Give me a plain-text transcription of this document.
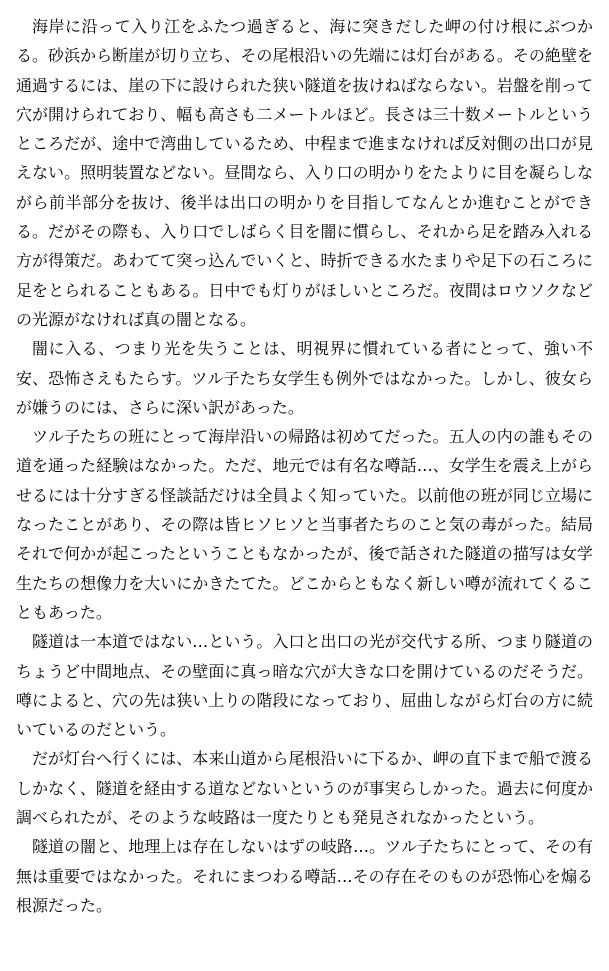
海岸に沿って入り江をふたつ過ぎると、海に突きだした岬の付け根にぶつかる。砂浜から断崖が切り立ち、その尾根沿いの先端には灯台がある。その絶壁を通過するには、崖の下に設けられた狭い隧道を抜けねばならない。岩盤を削って穴が開けられており、幅も高さも二メートルほど。長さは三十数メートルというところだが、途中で湾曲しているため、中程まで進まなければ反対側の出口が見えない。照明装置などない。昼間なら、入り口の明かりをたよりに目を凝らしながら前半部分を抜け、後半は出口の明かりを目指してなんとか進むことができる。だがその際も、入り口でしばらく目を闇に慣らし、それから足を踏み入れる方が得策だ。あわてて突っ込んでいくと、時折できる水たまりや足下の石ころに足をとられることもある。日中でも灯りがほしいところだ。夜間はロウソクなどの光源がなければ真の闇となる。

闇に入る、つまり光を失うことは、明視界に慣れている者にとって、強い不安、恐怖さえもたらす。ツル子たち女学生も例外ではなかった。しかし、彼女らが嫌うのには、さらに深い訳があった。

ツル子たちの班にとって海岸沿いの帰路は初めてだった。五人の内の誰もその道を通った経験はなかった。ただ、地元では有名な噂話…、女学生を震え上がらせるには十分すぎる怪談話だけは全員よく知っていた。以前他の班が同じ立場になったことがあり、その際は皆ヒソヒソと当事者たちのこと気の毒がった。結局それで何かが起こったということもなかったが、後で話された隧道の描写は女学生たちの想像力を大いにかきたてた。どこからともなく新しい噂が流れてくることもあった。

隧道は一本道ではない…という。入口と出口の光が交代する所、つまり隧道のちょうど中間地点、その壁面に真っ暗な穴が大きな口を開けているのだそうだ。噂によると、穴の先は狭い上りの階段になっており、屈曲しながら灯台の方に続いているのだという。

だが灯台へ行くには、本来山道から尾根沿いに下るか、岬の直下まで船で渡るしかなく、隧道を経由する道などないというのが事実らしかった。過去に何度か調べられたが、そのような岐路は一度たりとも発見されなかったという。

隧道の闇と、地理上は存在しないはずの岐路…。ツル子たちにとって、その有無は重要ではなかった。それにまつわる噂話…その存在そのものが恐怖心を煽る根源だった。
